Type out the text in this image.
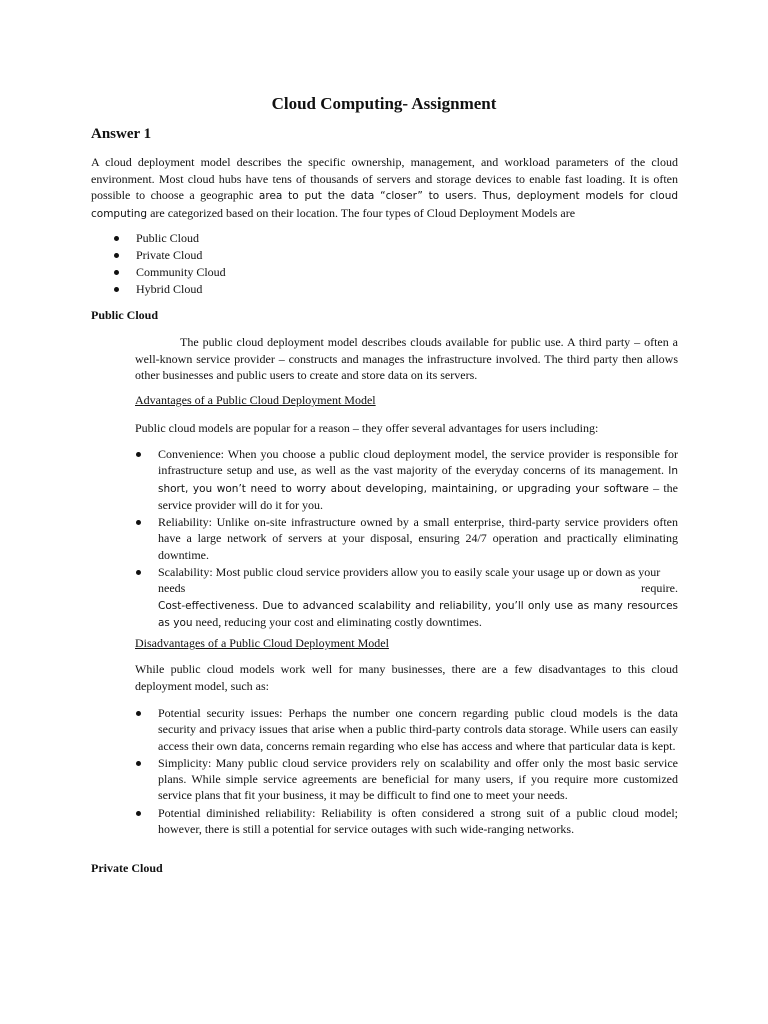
Cloud Computing- Assignment
Answer 1

A cloud deployment model describes the specific ownership, management, and workload parameters of the cloud environment. Most cloud hubs have tens of thousands of servers and storage devices to enable fast loading. It is often possible to choose a geographic area to put the data “closer” to users. Thus, deployment models for cloud computing are categorized based on their location. The four types of Cloud Deployment Models are

Public Cloud
Private Cloud
Community Cloud
Hybrid Cloud
Public Cloud

The public cloud deployment model describes clouds available for public use. A third party – often a well-known service provider – constructs and manages the infrastructure involved. The third party then allows other businesses and public users to create and store data on its servers.

Advantages of a Public Cloud Deployment Model

Public cloud models are popular for a reason – they offer several advantages for users including:

Convenience: When you choose a public cloud deployment model, the service provider is responsible for infrastructure setup and use, as well as the vast majority of the everyday concerns of its management. In short, you won’t need to worry about developing, maintaining, or upgrading your software – the service provider will do it for you.
Reliability: Unlike on-site infrastructure owned by a small enterprise, third-party service providers often have a large network of servers at your disposal, ensuring 24/7 operation and practically eliminating downtime.
Scalability: Most public cloud service providers allow you to easily scale your usage up or down as your
needs	require.
Cost-effectiveness. Due to advanced scalability and reliability, you’ll only use as many resources as you need, reducing your cost and eliminating costly downtimes.

Disadvantages of a Public Cloud Deployment Model

While public cloud models work well for many businesses, there are a few disadvantages to this cloud deployment model, such as:

Potential security issues: Perhaps the number one concern regarding public cloud models is the data security and privacy issues that arise when a public third-party controls data storage. While users can easily access their own data, concerns remain regarding who else has access and where that particular data is kept.
Simplicity: Many public cloud service providers rely on scalability and offer only the most basic service plans. While simple service agreements are beneficial for many users, if you require more customized service plans that fit your business, it may be difficult to find one to meet your needs.
Potential diminished reliability: Reliability is often considered a strong suit of a public cloud model; however, there is still a potential for service outages with such wide-ranging networks.
Private Cloud
